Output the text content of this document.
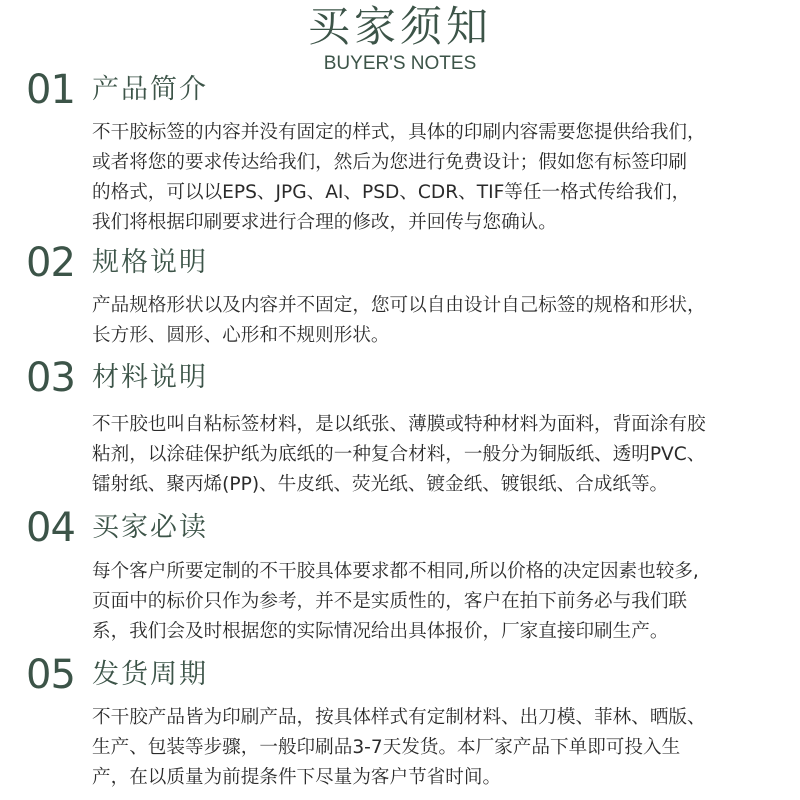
买家须知
BUYER'S NOTES
01 产品简介
不干胶标签的内容并没有固定的样式，具体的印刷内容需要您提供给我们，
或者将您的要求传达给我们，然后为您进行免费设计；假如您有标签印刷
的格式，可以以EPS、JPG、AI、PSD、CDR、TIF等任一格式传给我们，
我们将根据印刷要求进行合理的修改，并回传与您确认。
02 规格说明
产品规格形状以及内容并不固定，您可以自由设计自己标签的规格和形状，
长方形、圆形、心形和不规则形状。
03 材料说明
不干胶也叫自粘标签材料，是以纸张、薄膜或特种材料为面料，背面涂有胶
粘剂，以涂硅保护纸为底纸的一种复合材料，一般分为铜版纸、透明PVC、
镭射纸、聚丙烯(PP)、牛皮纸、荧光纸、镀金纸、镀银纸、合成纸等。
04 买家必读
每个客户所要定制的不干胶具体要求都不相同,所以价格的决定因素也较多,
页面中的标价只作为参考，并不是实质性的，客户在拍下前务必与我们联
系，我们会及时根据您的实际情况给出具体报价，厂家直接印刷生产。
05 发货周期
不干胶产品皆为印刷产品，按具体样式有定制材料、出刀模、菲林、晒版、
生产、包装等步骤，一般印刷品3-7天发货。本厂家产品下单即可投入生
产，在以质量为前提条件下尽量为客户节省时间。
